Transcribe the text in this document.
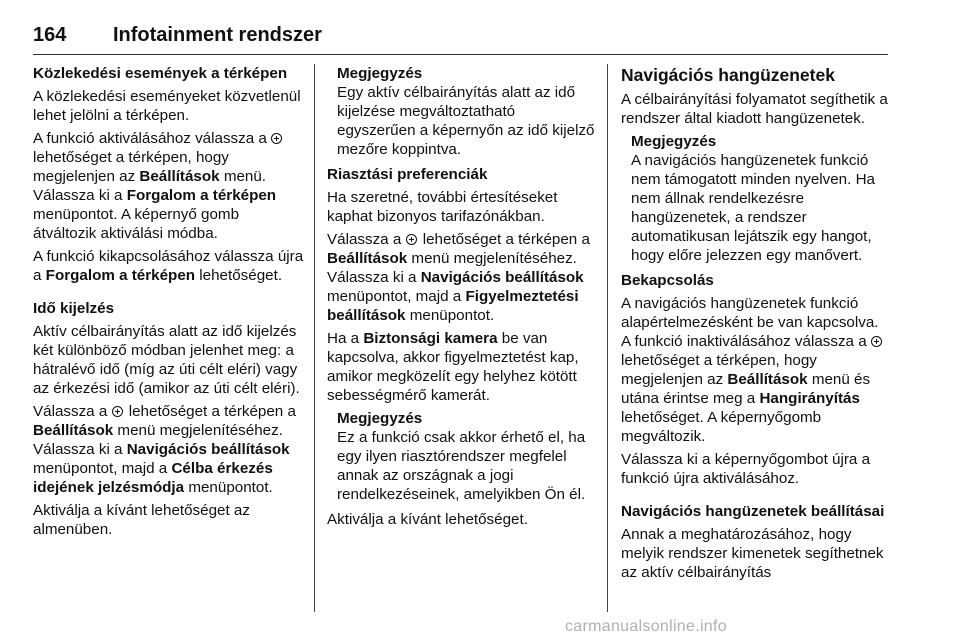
164 Infotainment rendszer

Közlekedési események a térképen

A közlekedési eseményeket közvetlenül lehet jelölni a térképen.

A funkció aktiválásához válassza a  lehetőséget a térképen, hogy megjelenjen az Beállítások menü. Válassza ki a Forgalom a térképen menüpontot. A képernyő gomb átváltozik aktiválási módba.

A funkció kikapcsolásához válassza újra a Forgalom a térképen lehetőséget.

Idő kijelzés

Aktív célbairányítás alatt az idő kijelzés két különböző módban jelenhet meg: a hátralévő idő (míg az úti célt eléri) vagy az érkezési idő (amikor az úti célt eléri).

Válassza a  lehetőséget a térképen a Beállítások menü megjelenítéséhez. Válassza ki a Navigációs beállítások menüpontot, majd a Célba érkezés idejének jelzésmódja menüpontot.

Aktiválja a kívánt lehetőséget az almenüben.

Megjegyzés
Egy aktív célbairányítás alatt az idő kijelzése megváltoztatható egyszerűen a képernyőn az idő kijelző mezőre koppintva.

Riasztási preferenciák

Ha szeretné, további értesítéseket kaphat bizonyos tarifazónákban.

Válassza a  lehetőséget a térképen a Beállítások menü megjelenítéséhez. Válassza ki a Navigációs beállítások menüpontot, majd a Figyelmeztetési beállítások menüpontot.

Ha a Biztonsági kamera be van kapcsolva, akkor figyelmeztetést kap, amikor megközelít egy helyhez kötött sebességmérő kamerát.

Megjegyzés
Ez a funkció csak akkor érhető el, ha egy ilyen riasztórendszer megfelel annak az országnak a jogi rendelkezéseinek, amelyikben Ön él.

Aktiválja a kívánt lehetőséget.

Navigációs hangüzenetek

A célbairányítási folyamatot segíthetik a rendszer által kiadott hangüzenetek.

Megjegyzés
A navigációs hangüzenetek funkció nem támogatott minden nyelven. Ha nem állnak rendelkezésre hangüzenetek, a rendszer automatikusan lejátszik egy hangot, hogy előre jelezzen egy manővert.

Bekapcsolás

A navigációs hangüzenetek funkció alapértelmezésként be van kapcsolva. A funkció inaktiválásához válassza a  lehetőséget a térképen, hogy megjelenjen az Beállítások menü és utána érintse meg a Hangirányítás lehetőséget. A képernyőgomb megváltozik.

Válassza ki a képernyőgombot újra a funkció újra aktiválásához.

Navigációs hangüzenetek beállításai

Annak a meghatározásához, hogy melyik rendszer kimenetek segíthetnek az aktív célbairányítás

carmanualsonline.info
